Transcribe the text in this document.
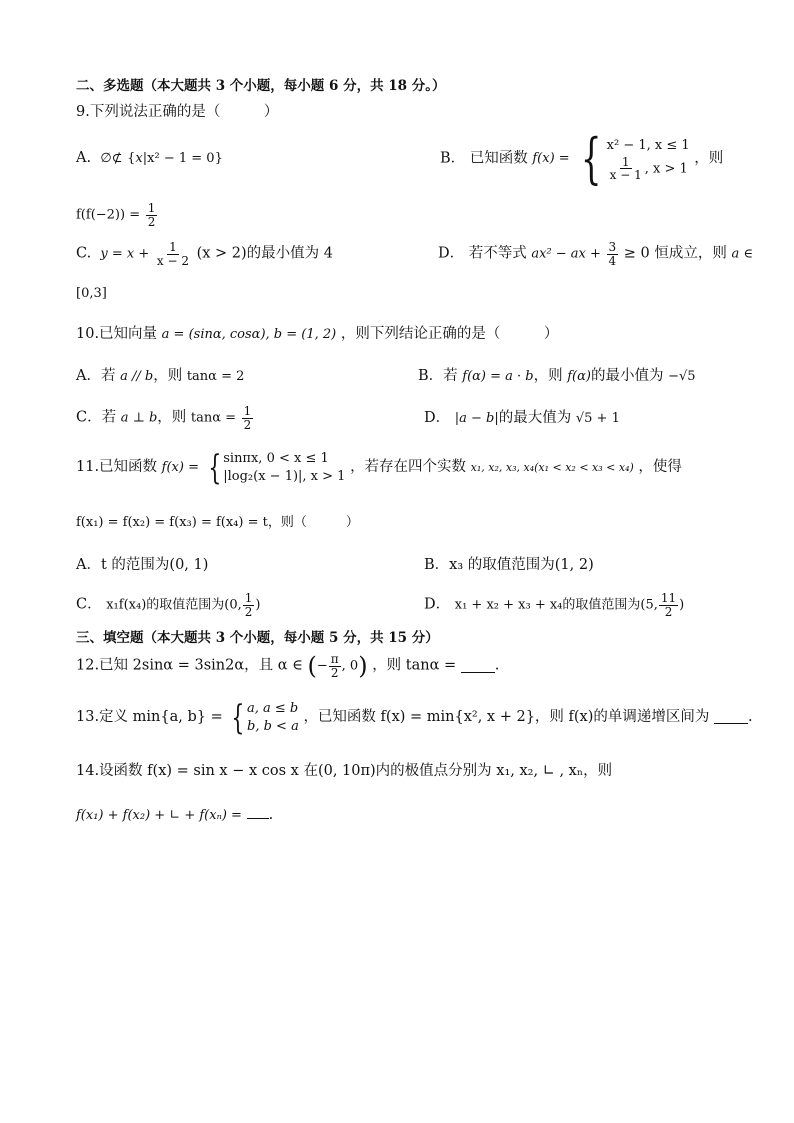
二、多选题（本大题共 3 个小题，每小题 6 分，共 18 分。）
9.下列说法正确的是（　　　）
A. ∅⊄ {x|x² − 1 = 0}	B． 已知函数 f(x) = { x² − 1, x ≤ 1
$\frac{1}{x - 1}$ , x > 1
，则
$f(f(-2)) = \frac{1}{2}$
C. $y = x + \frac{1}{x - 2} (x > 2)$的最小值为 4	D． 若不等式 ax² − ax + $\frac{3}{4} \ge 0$ 恒成立，则 a ∈
[0,3]
10.已知向量 a = (sinα, cosα), b = (1, 2) ，则下列结论正确的是（　　　）
A．若 a // b，则 tanα = 2	B．若 f(α) = a · b，则 f(α)的最小值为 −√5
C．若 a ⊥ b，则 $\tan\alpha = \frac{1}{2}$	D． |a − b|的最大值为 √5 + 1
11.已知函数 f(x) = { sinπx, 0 < x ≤ 1
|log₂(x − 1)|, x > 1
，若存在四个实数 x₁, x₂, x₃, x₄(x₁ < x₂ < x₃ < x₄) ，使得
f(x₁) = f(x₂) = f(x₃) = f(x₄) = t，则（　　　）
A．t 的范围为(0, 1)	B．x₃ 的取值范围为(1, 2)
C． x₁f(x₄)的取值范围为(0, $\frac{1}{2}$ )	D． x₁ + x₂ + x₃ + x₄的取值范围为(5, $\frac{11}{2}$ )
三、填空题（本大题共 3 个小题，每小题 5 分，共 15 分）
12.已知 2sinα = 3sin2α，且 α ∈ (− $\frac{\pi}{2}$ , 0) ，则 tanα =	.
13.定义 min{a, b} = { a, a ≤ b
b, b < a
，已知函数 f(x) = min{x², x + 2}，则 f(x)的单调递增区间为	.
14.设函数 f(x) = sin x − x cos x 在(0, 10π)内的极值点分别为 x₁, x₂, ∟ , xₙ，则
f(x₁) + f(x₂) + ∟ + f(xₙ) = .
